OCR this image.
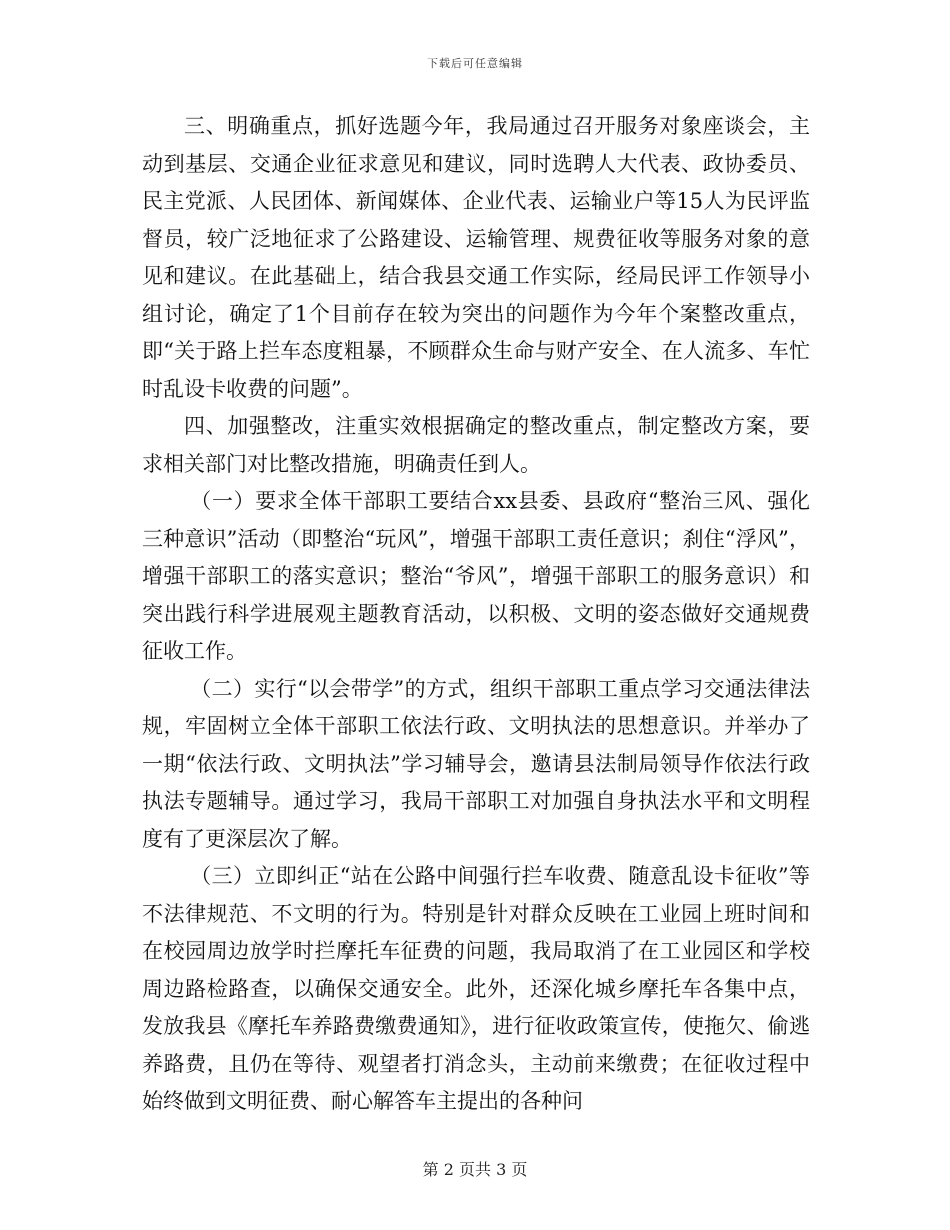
下载后可任意编辑

三、明确重点，抓好选题今年，我局通过召开服务对象座谈会，主动到基层、交通企业征求意见和建议，同时选聘人大代表、政协委员、民主党派、人民团体、新闻媒体、企业代表、运输业户等15人为民评监督员，较广泛地征求了公路建设、运输管理、规费征收等服务对象的意见和建议。在此基础上，结合我县交通工作实际，经局民评工作领导小组讨论，确定了1个目前存在较为突出的问题作为今年个案整改重点，即“关于路上拦车态度粗暴，不顾群众生命与财产安全、在人流多、车忙时乱设卡收费的问题”。

四、加强整改，注重实效根据确定的整改重点，制定整改方案，要求相关部门对比整改措施，明确责任到人。

（一）要求全体干部职工要结合xx县委、县政府“整治三风、强化三种意识”活动（即整治“玩风”，增强干部职工责任意识；刹住“浮风”，增强干部职工的落实意识；整治“爷风”，增强干部职工的服务意识）和突出践行科学进展观主题教育活动，以积极、文明的姿态做好交通规费征收工作。

（二）实行“以会带学”的方式，组织干部职工重点学习交通法律法规，牢固树立全体干部职工依法行政、文明执法的思想意识。并举办了一期“依法行政、文明执法”学习辅导会，邀请县法制局领导作依法行政执法专题辅导。通过学习，我局干部职工对加强自身执法水平和文明程度有了更深层次了解。

（三）立即纠正“站在公路中间强行拦车收费、随意乱设卡征收”等不法律规范、不文明的行为。特别是针对群众反映在工业园上班时间和在校园周边放学时拦摩托车征费的问题，我局取消了在工业园区和学校周边路检路查，以确保交通安全。此外，还深化城乡摩托车各集中点，发放我县《摩托车养路费缴费通知》，进行征收政策宣传，使拖欠、偷逃养路费，且仍在等待、观望者打消念头，主动前来缴费；在征收过程中始终做到文明征费、耐心解答车主提出的各种问

第 2 页共 3 页
